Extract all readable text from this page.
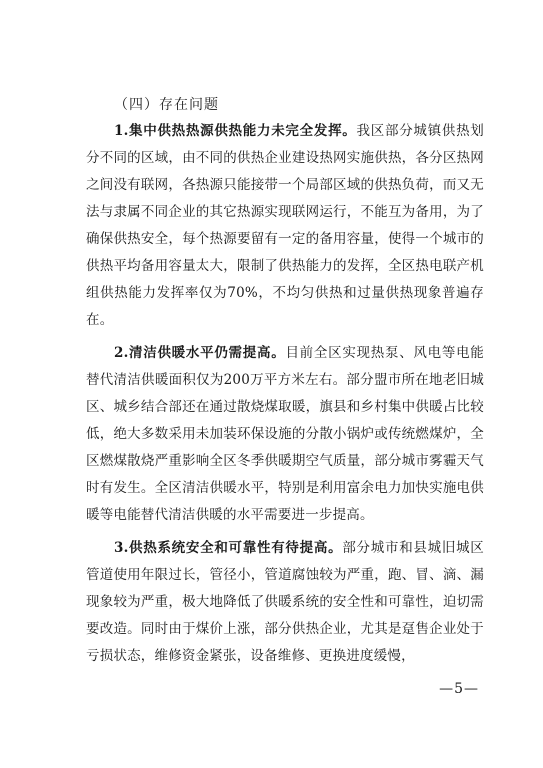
（四）存在问题

1.集中供热热源供热能力未完全发挥。我区部分城镇供热划分不同的区域，由不同的供热企业建设热网实施供热，各分区热网之间没有联网，各热源只能接带一个局部区域的供热负荷，而又无法与隶属不同企业的其它热源实现联网运行，不能互为备用，为了确保供热安全，每个热源要留有一定的备用容量，使得一个城市的供热平均备用容量太大，限制了供热能力的发挥，全区热电联产机组供热能力发挥率仅为70%，不均匀供热和过量供热现象普遍存在。

2.清洁供暖水平仍需提高。目前全区实现热泵、风电等电能替代清洁供暖面积仅为200万平方米左右。部分盟市所在地老旧城区、城乡结合部还在通过散烧煤取暖，旗县和乡村集中供暖占比较低，绝大多数采用未加装环保设施的分散小锅炉或传统燃煤炉，全区燃煤散烧严重影响全区冬季供暖期空气质量，部分城市雾霾天气时有发生。全区清洁供暖水平，特别是利用富余电力加快实施电供暖等电能替代清洁供暖的水平需要进一步提高。

3.供热系统安全和可靠性有待提高。部分城市和县城旧城区管道使用年限过长，管径小，管道腐蚀较为严重，跑、冒、滴、漏现象较为严重，极大地降低了供暖系统的安全性和可靠性，迫切需要改造。同时由于煤价上涨，部分供热企业，尤其是趸售企业处于亏损状态，维修资金紧张，设备维修、更换进度缓慢，

—5—
